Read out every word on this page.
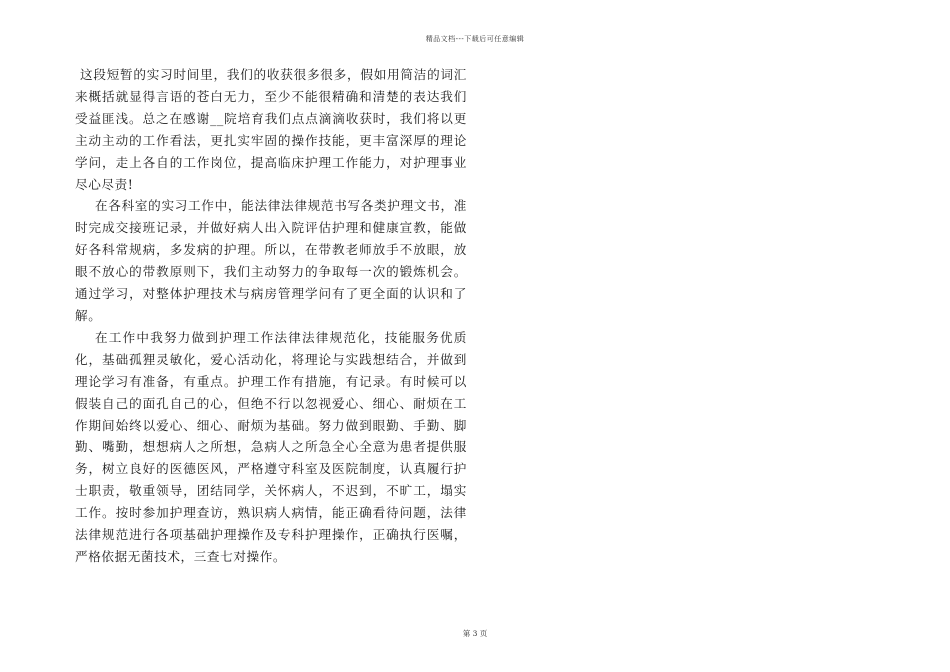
精品文档---下载后可任意编辑

这段短暂的实习时间里，我们的收获很多很多，假如用简洁的词汇来概括就显得言语的苍白无力，至少不能很精确和清楚的表达我们受益匪浅。总之在感谢__院培育我们点点滴滴收获时，我们将以更主动主动的工作看法，更扎实牢固的操作技能，更丰富深厚的理论学问，走上各自的工作岗位，提高临床护理工作能力，对护理事业尽心尽责!

在各科室的实习工作中，能法律法律规范书写各类护理文书，准时完成交接班记录，并做好病人出入院评估护理和健康宣教，能做好各科常规病，多发病的护理。所以，在带教老师放手不放眼，放眼不放心的带教原则下，我们主动努力的争取每一次的锻炼机会。通过学习，对整体护理技术与病房管理学问有了更全面的认识和了解。

在工作中我努力做到护理工作法律法律规范化，技能服务优质化，基础孤狸灵敏化，爱心活动化，将理论与实践想结合，并做到理论学习有准备，有重点。护理工作有措施，有记录。有时候可以假装自己的面孔自己的心，但绝不行以忽视爱心、细心、耐烦在工作期间始终以爱心、细心、耐烦为基础。努力做到眼勤、手勤、脚勤、嘴勤，想想病人之所想，急病人之所急全心全意为患者提供服务，树立良好的医德医风，严格遵守科室及医院制度，认真履行护士职责，敬重领导，团结同学，关怀病人，不迟到，不旷工，塌实工作。按时参加护理查访，熟识病人病情，能正确看待问题，法律法律规范进行各项基础护理操作及专科护理操作，正确执行医嘱，严格依据无菌技术，三查七对操作。

第 3 页
